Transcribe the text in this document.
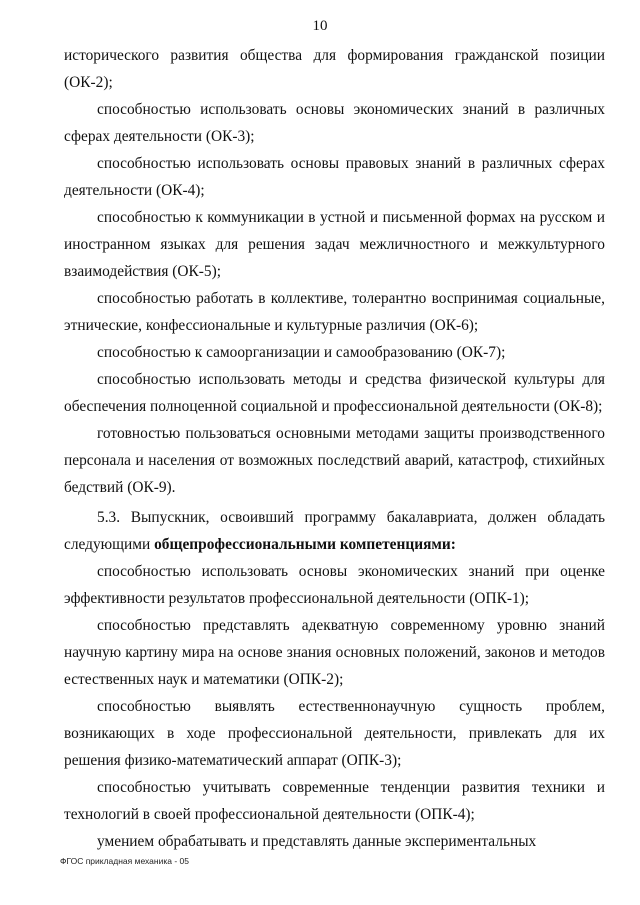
10

исторического развития общества для формирования гражданской позиции (ОК-2);

способностью использовать основы экономических знаний в различных сферах деятельности (ОК-3);

способностью использовать основы правовых знаний в различных сферах деятельности (ОК-4);

способностью к коммуникации в устной и письменной формах на русском и иностранном языках для решения задач межличностного и межкультурного взаимодействия (ОК-5);

способностью работать в коллективе, толерантно воспринимая социальные, этнические, конфессиональные и культурные различия (ОК-6);

способностью к самоорганизации и самообразованию (ОК-7);

способностью использовать методы и средства физической культуры для обеспечения полноценной социальной и профессиональной деятельности (ОК-8);

готовностью пользоваться основными методами защиты производственного персонала и населения от возможных последствий аварий, катастроф, стихийных бедствий (ОК-9).

5.3. Выпускник, освоивший программу бакалавриата, должен обладать следующими общепрофессиональными компетенциями:

способностью использовать основы экономических знаний при оценке эффективности результатов профессиональной деятельности (ОПК-1);

способностью представлять адекватную современному уровню знаний научную картину мира на основе знания основных положений, законов и методов естественных наук и математики (ОПК-2);

способностью выявлять естественнонаучную сущность проблем, возникающих в ходе профессиональной деятельности, привлекать для их решения физико-математический аппарат (ОПК-3);

способностью учитывать современные тенденции развития техники и технологий в своей профессиональной деятельности (ОПК-4);

умением обрабатывать и представлять данные экспериментальных

ФГОС прикладная механика - 05
